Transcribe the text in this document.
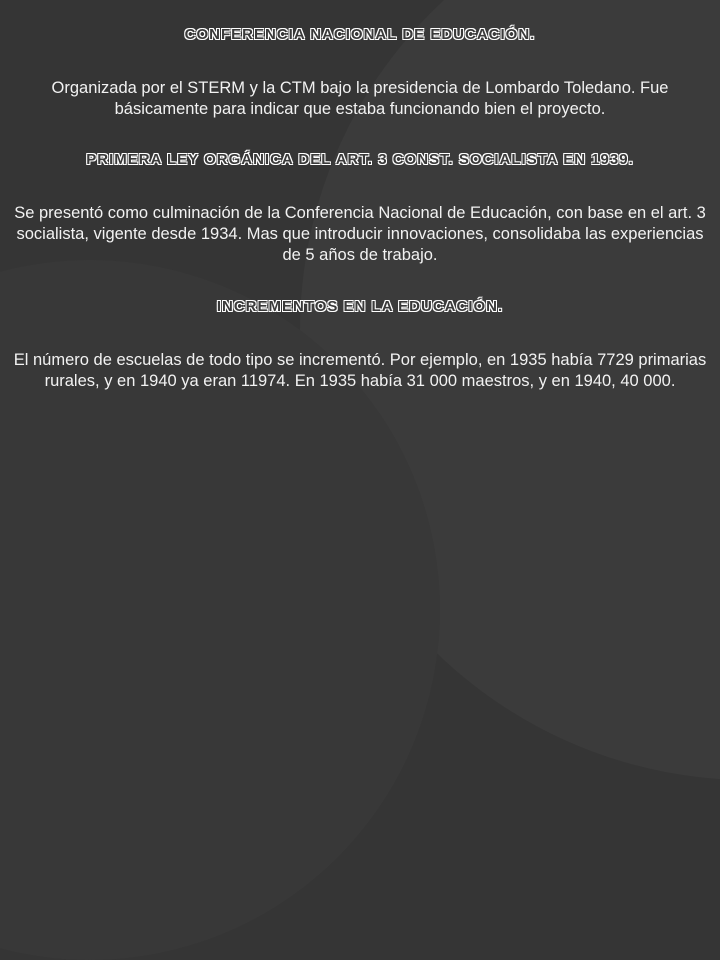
CONFERENCIA NACIONAL DE EDUCACIÓN.

Organizada por el STERM y la CTM bajo la presidencia de Lombardo Toledano. Fue básicamente para indicar que estaba funcionando bien el proyecto.

PRIMERA LEY ORGÁNICA DEL ART. 3 CONST. SOCIALISTA EN 1939.

Se presentó como culminación de la Conferencia Nacional de Educación, con base en el art. 3 socialista, vigente desde 1934. Mas que introducir innovaciones, consolidaba las experiencias de 5 años de trabajo.

INCREMENTOS EN LA EDUCACIÓN.

El número de escuelas de todo tipo se incrementó. Por ejemplo, en 1935 había 7729 primarias rurales, y en 1940 ya eran 11974. En 1935 había 31 000 maestros, y en 1940, 40 000.
